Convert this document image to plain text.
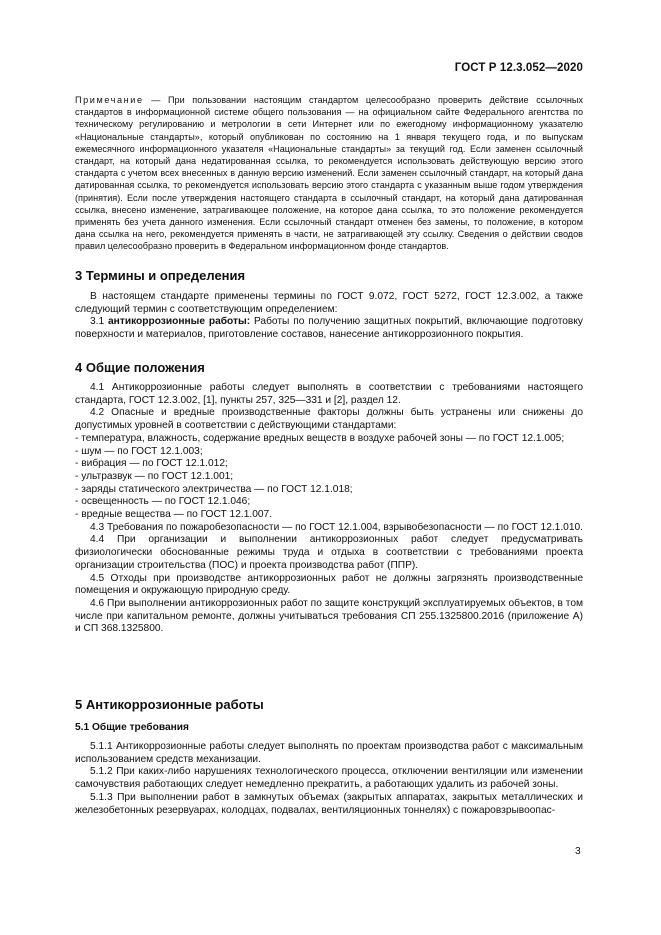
ГОСТ Р 12.3.052—2020

Примечание — При пользовании настоящим стандартом целесообразно проверить действие ссылочных стандартов в информационной системе общего пользования — на официальном сайте Федерального агентства по техническому регулированию и метрологии в сети Интернет или по ежегодному информационному указателю «Национальные стандарты», который опубликован по состоянию на 1 января текущего года, и по выпускам ежемесячного информационного указателя «Национальные стандарты» за текущий год. Если заменен ссылочный стандарт, на который дана недатированная ссылка, то рекомендуется использовать действующую версию этого стандарта с учетом всех внесенных в данную версию изменений. Если заменен ссылочный стандарт, на который дана датированная ссылка, то рекомендуется использовать версию этого стандарта с указанным выше годом утверждения (принятия). Если после утверждения настоящего стандарта в ссылочный стандарт, на который дана датированная ссылка, внесено изменение, затрагивающее положение, на которое дана ссылка, то это положение рекомендуется применять без учета данного изменения. Если ссылочный стандарт отменен без замены, то положение, в котором дана ссылка на него, рекомендуется применять в части, не затрагивающей эту ссылку. Сведения о действии сводов правил целесообразно проверить в Федеральном информационном фонде стандартов.

3 Термины и определения

В настоящем стандарте применены термины по ГОСТ 9.072, ГОСТ 5272, ГОСТ 12.3.002, а также следующий термин с соответствующим определением:

3.1 антикоррозионные работы: Работы по получению защитных покрытий, включающие подготовку поверхности и материалов, приготовление составов, нанесение антикоррозионного покрытия.

4 Общие положения

4.1 Антикоррозионные работы следует выполнять в соответствии с требованиями настоящего стандарта, ГОСТ 12.3.002, [1], пункты 257, 325—331 и [2], раздел 12.

4.2 Опасные и вредные производственные факторы должны быть устранены или снижены до допустимых уровней в соответствии с действующими стандартами:

- температура, влажность, содержание вредных веществ в воздухе рабочей зоны — по ГОСТ 12.1.005;

- шум — по ГОСТ 12.1.003;

- вибрация — по ГОСТ 12.1.012;

- ультразвук — по ГОСТ 12.1.001;

- заряды статического электричества — по ГОСТ 12.1.018;

- освещенность — по ГОСТ 12.1.046;

- вредные вещества — по ГОСТ 12.1.007.

4.3 Требования по пожаробезопасности — по ГОСТ 12.1.004, взрывобезопасности — по ГОСТ 12.1.010.

4.4 При организации и выполнении антикоррозионных работ следует предусматривать физиологически обоснованные режимы труда и отдыха в соответствии с требованиями проекта организации строительства (ПОС) и проекта производства работ (ППР).

4.5 Отходы при производстве антикоррозионных работ не должны загрязнять производственные помещения и окружающую природную среду.

4.6 При выполнении антикоррозионных работ по защите конструкций эксплуатируемых объектов, в том числе при капитальном ремонте, должны учитываться требования СП 255.1325800.2016 (приложение А) и СП 368.1325800.

5 Антикоррозионные работы
5.1 Общие требования

5.1.1 Антикоррозионные работы следует выполнять по проектам производства работ с максимальным использованием средств механизации.

5.1.2 При каких-либо нарушениях технологического процесса, отключении вентиляции или изменении самочувствия работающих следует немедленно прекратить, а работающих удалить из рабочей зоны.

5.1.3 При выполнении работ в замкнутых объемах (закрытых аппаратах, закрытых металлических и железобетонных резервуарах, колодцах, подвалах, вентиляционных тоннелях) с пожаровзрывоопас-

3
